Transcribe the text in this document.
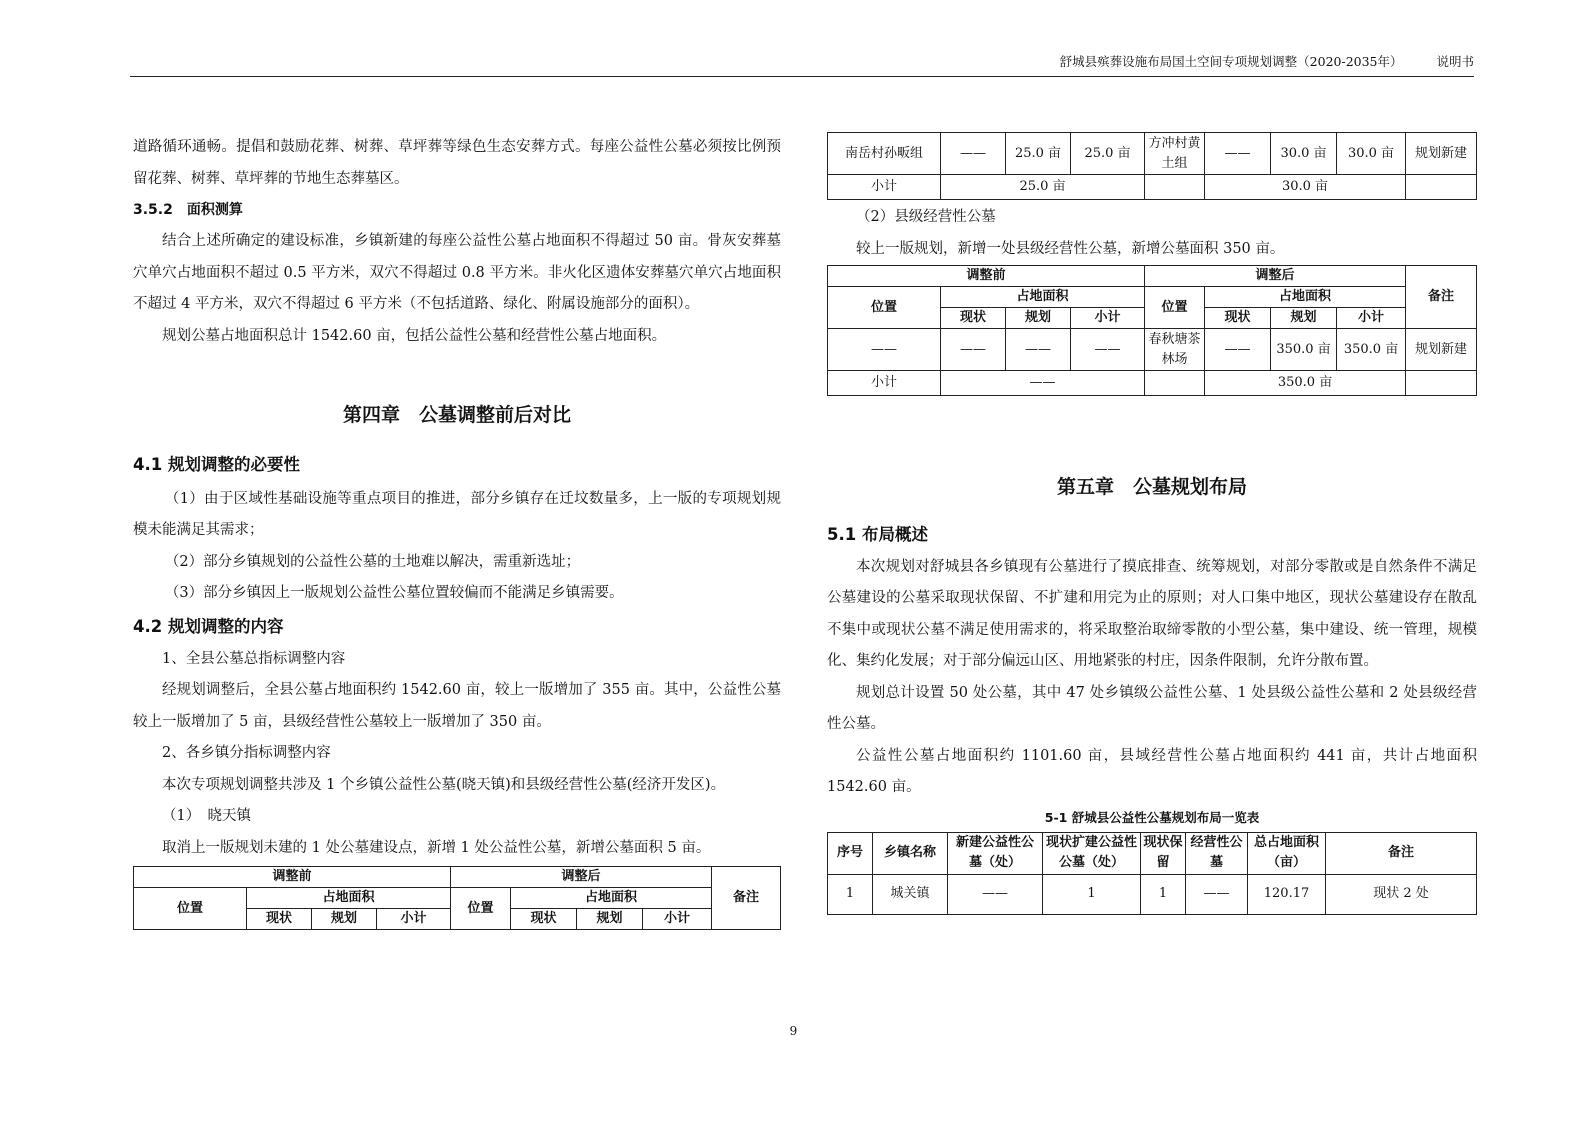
舒城县殡葬设施布局国土空间专项规划调整（2020-2035年）	说明书

道路循环通畅。提倡和鼓励花葬、树葬、草坪葬等绿色生态安葬方式。每座公益性公墓必须按比例预留花葬、树葬、草坪葬的节地生态葬墓区。

3.5.2　面积测算

结合上述所确定的建设标准，乡镇新建的每座公益性公墓占地面积不得超过 50 亩。骨灰安葬墓穴单穴占地面积不超过 0.5 平方米，双穴不得超过 0.8 平方米。非火化区遗体安葬墓穴单穴占地面积不超过 4 平方米，双穴不得超过 6 平方米（不包括道路、绿化、附属设施部分的面积）。

规划公墓占地面积总计 1542.60 亩，包括公益性公墓和经营性公墓占地面积。

第四章　公墓调整前后对比

4.1 规划调整的必要性

（1）由于区域性基础设施等重点项目的推进，部分乡镇存在迁坟数量多，上一版的专项规划规模未能满足其需求；

（2）部分乡镇规划的公益性公墓的土地难以解决，需重新选址；

（3）部分乡镇因上一版规划公益性公墓位置较偏而不能满足乡镇需要。

4.2 规划调整的内容

1、全县公墓总指标调整内容

经规划调整后，全县公墓占地面积约 1542.60 亩，较上一版增加了 355 亩。其中，公益性公墓较上一版增加了 5 亩，县级经营性公墓较上一版增加了 350 亩。

2、各乡镇分指标调整内容

本次专项规划调整共涉及 1 个乡镇公益性公墓(晓天镇)和县级经营性公墓(经济开发区)。

（1）　晓天镇

取消上一版规划未建的 1 处公墓建设点，新增 1 处公益性公墓，新增公墓面积 5 亩。

调整前				调整后				备注
位置	占地面积			位置	占地面积			
	现状	规划	小计		现状	规划	小计	
南岳村孙畈组	——	25.0 亩	25.0 亩	方冲村黄土组	——	30.0 亩	30.0 亩	规划新建
小计	25.0 亩				30.0 亩			

（2）县级经营性公墓

较上一版规划，新增一处县级经营性公墓，新增公墓面积 350 亩。

调整前				调整后				备注
位置	占地面积			位置	占地面积			
	现状	规划	小计		现状	规划	小计	
——	——	——	——	春秋塘茶林场	——	350.0 亩	350.0 亩	规划新建
小计	——				350.0 亩			

第五章　公墓规划布局

5.1 布局概述

本次规划对舒城县各乡镇现有公墓进行了摸底排查、统筹规划，对部分零散或是自然条件不满足公墓建设的公墓采取现状保留、不扩建和用完为止的原则；对人口集中地区，现状公墓建设存在散乱不集中或现状公墓不满足使用需求的，将采取整治取缔零散的小型公墓，集中建设、统一管理，规模化、集约化发展；对于部分偏远山区、用地紧张的村庄，因条件限制，允许分散布置。

规划总计设置 50 处公墓，其中 47 处乡镇级公益性公墓、1 处县级公益性公墓和 2 处县级经营性公墓。

公益性公墓占地面积约 1101.60 亩，县域经营性公墓占地面积约 441 亩，共计占地面积 1542.60 亩。

5-1 舒城县公益性公墓规划布局一览表

序号	乡镇名称	新建公益性公墓（处）	现状扩建公益性公墓（处）	现状保留	经营性公墓	总占地面积（亩）	备注
1	城关镇	——	1	1	——	120.17	现状 2 处
9
